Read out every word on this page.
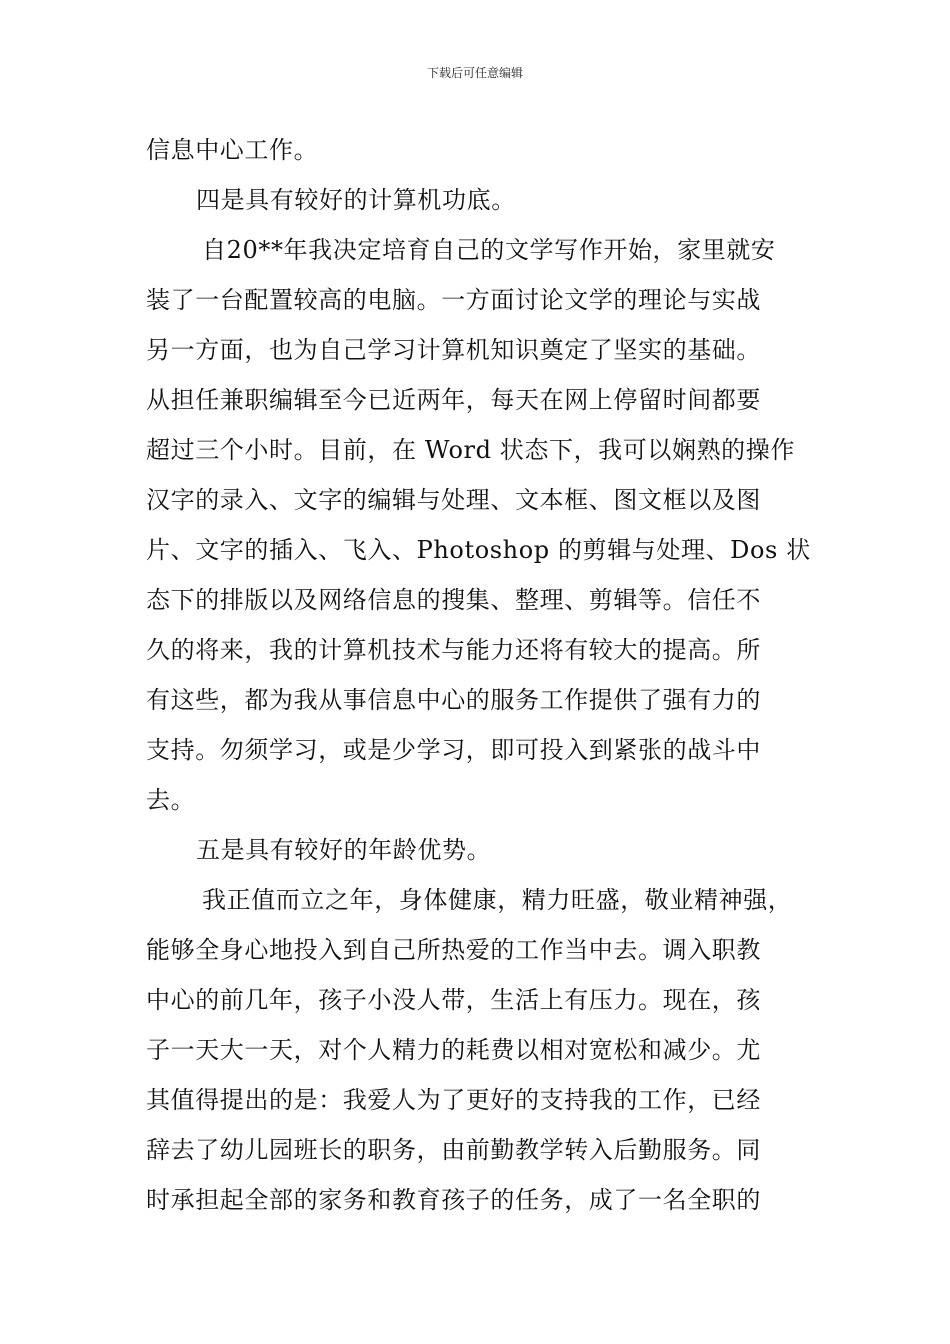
下载后可任意编辑
信息中心工作。
四是具有较好的计算机功底。
自20**年我决定培育自己的文学写作开始，家里就安
装了一台配置较高的电脑。一方面讨论文学的理论与实战
另一方面，也为自己学习计算机知识奠定了坚实的基础。
从担任兼职编辑至今已近两年，每天在网上停留时间都要
超过三个小时。目前，在 Word 状态下，我可以娴熟的操作
汉字的录入、文字的编辑与处理、文本框、图文框以及图
片、文字的插入、飞入、Photoshop 的剪辑与处理、Dos 状
态下的排版以及网络信息的搜集、整理、剪辑等。信任不
久的将来，我的计算机技术与能力还将有较大的提高。所
有这些，都为我从事信息中心的服务工作提供了强有力的
支持。勿须学习，或是少学习，即可投入到紧张的战斗中
去。
五是具有较好的年龄优势。
我正值而立之年，身体健康，精力旺盛，敬业精神强，
能够全身心地投入到自己所热爱的工作当中去。调入职教
中心的前几年，孩子小没人带，生活上有压力。现在，孩
子一天大一天，对个人精力的耗费以相对宽松和减少。尤
其值得提出的是：我爱人为了更好的支持我的工作，已经
辞去了幼儿园班长的职务，由前勤教学转入后勤服务。同
时承担起全部的家务和教育孩子的任务，成了一名全职的
